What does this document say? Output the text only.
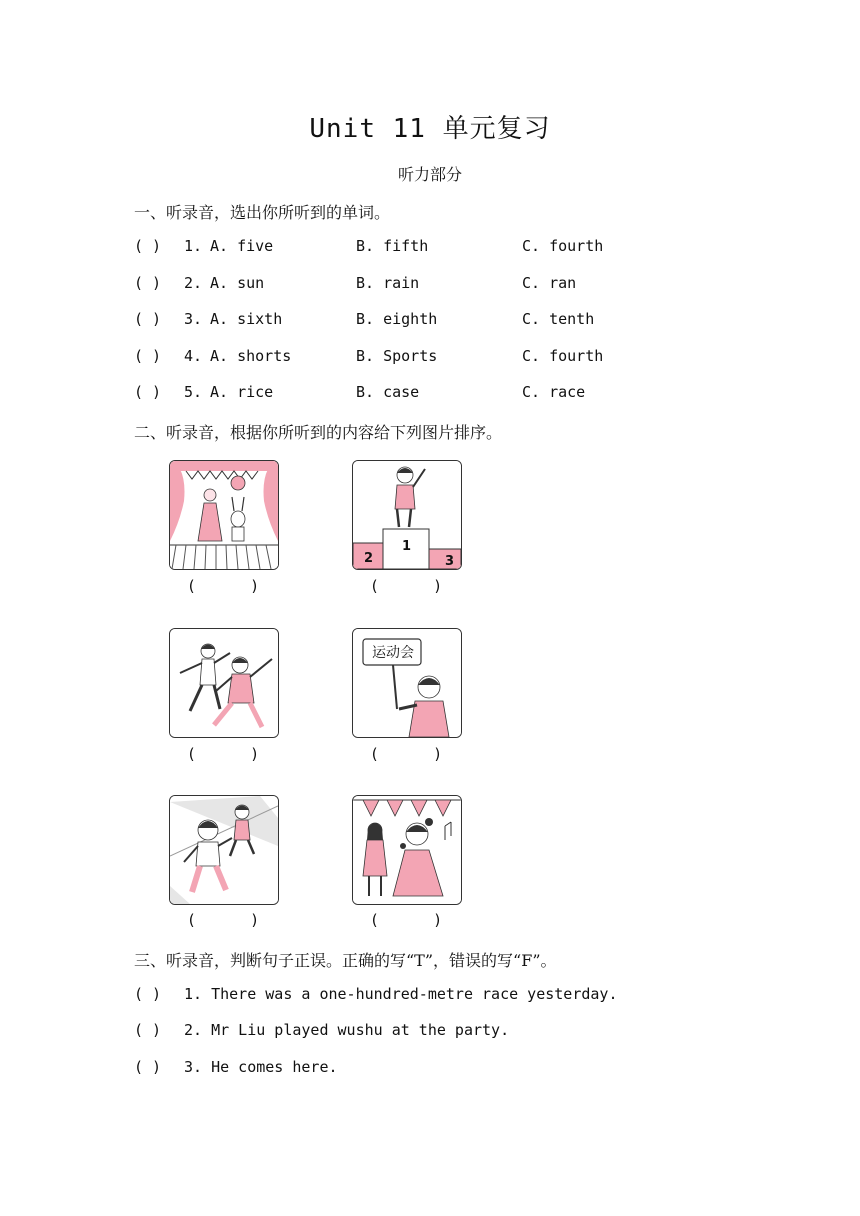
Unit 11 单元复习
听力部分
一、听录音，选出你所听到的单词。
( ) 1. A. five	B. fifth	C. fourth
( ) 2. A. sun	B. rain	C. ran
( ) 3. A. sixth	B. eighth	C. tenth
( ) 4. A. shorts	B. Sports	C. fourth
( ) 5. A. rice	B. case	C. race
二、听录音，根据你所听到的内容给下列图片排序。
(      )	(      )
2
1
3
(      )	(      )
运动会
(      )	(      )
三、听录音，判断句子正误。正确的写“T”，错误的写“F”。
( ) 1. There was a one-hundred-metre race yesterday.
( ) 2. Mr Liu played wushu at the party.
( ) 3. He comes here.
